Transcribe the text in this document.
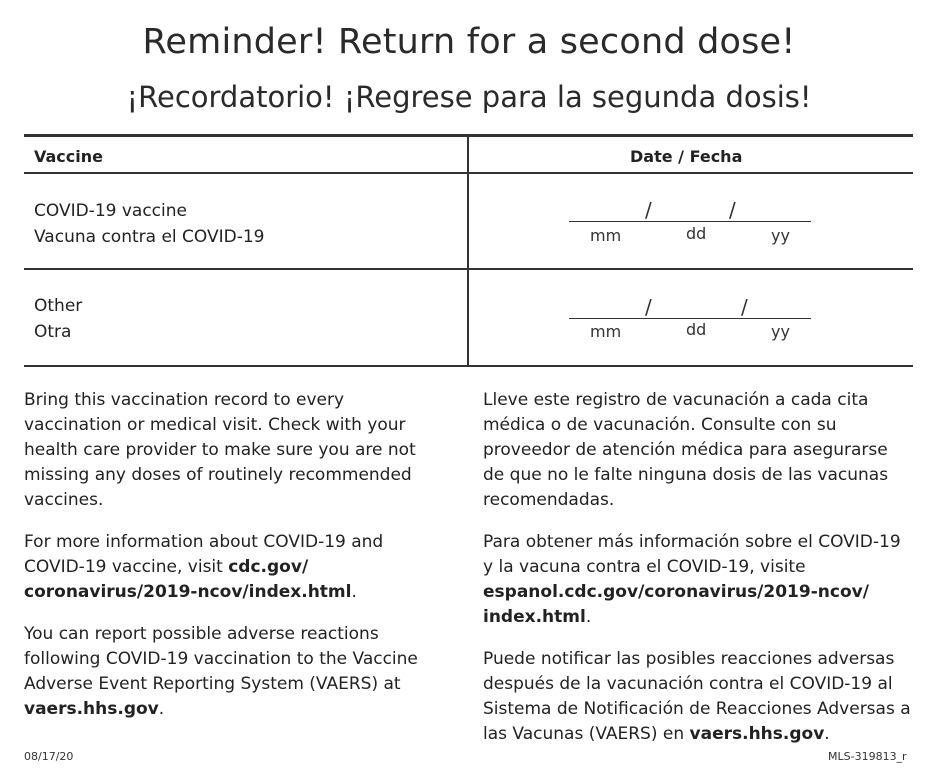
Reminder! Return for a second dose!
¡Recordatorio! ¡Regrese para la segunda dosis!
Vaccine	Date / Fecha
COVID-19 vaccine
Vacuna contra el COVID-19
/	/
mm	dd	yy
Other
Otra
/	/
mm	dd	yy
Bring this vaccination record to every vaccination or medical visit. Check with your health care provider to make sure you are not missing any doses of routinely recommended vaccines.
For more information about COVID-19 and COVID-19 vaccine, visit cdc.gov/ coronavirus/2019-ncov/index.html.
You can report possible adverse reactions following COVID-19 vaccination to the Vaccine Adverse Event Reporting System (VAERS) at vaers.hhs.gov.
Lleve este registro de vacunación a cada cita médica o de vacunación. Consulte con su proveedor de atención médica para asegurarse de que no le falte ninguna dosis de las vacunas recomendadas.
Para obtener más información sobre el COVID-19 y la vacuna contra el COVID-19, visite espanol.cdc.gov/coronavirus/2019-ncov/ index.html.
Puede notificar las posibles reacciones adversas después de la vacunación contra el COVID-19 al Sistema de Notificación de Reacciones Adversas a las Vacunas (VAERS) en vaers.hhs.gov.
08/17/20	MLS-319813_r
